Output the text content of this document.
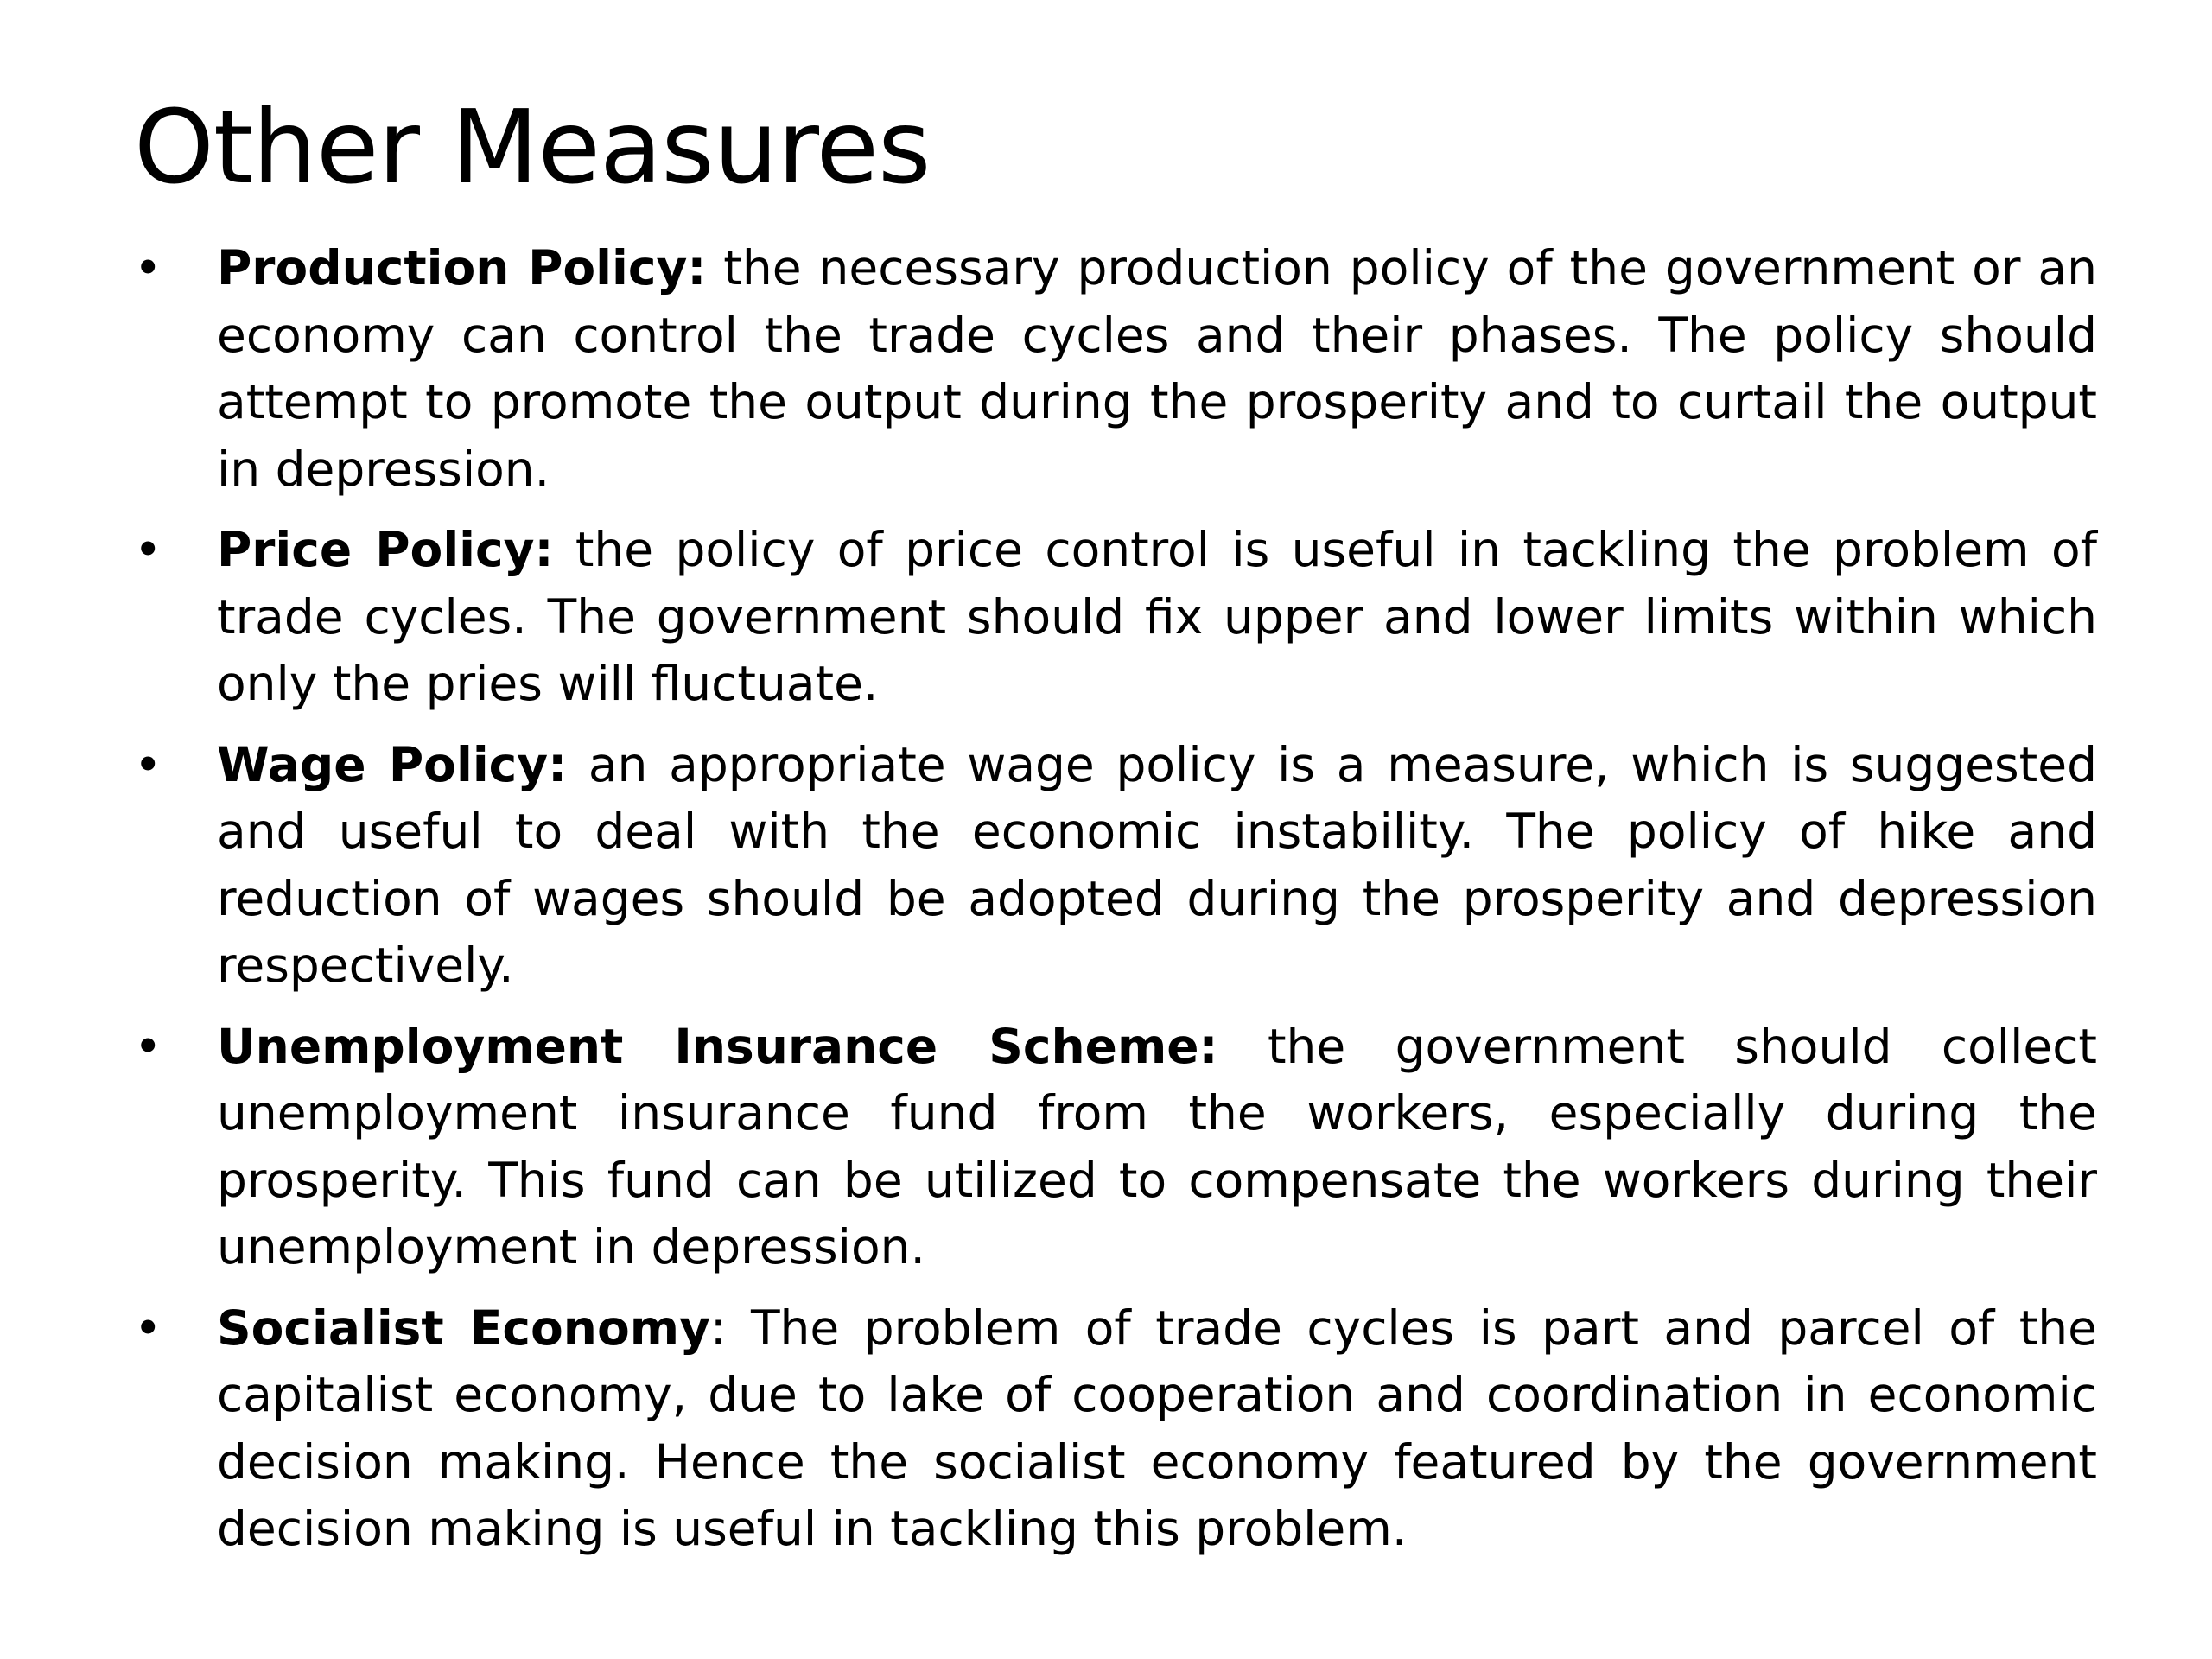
Other Measures
• Production Policy: the necessary production policy of the government or an economy can control the trade cycles and their phases. The policy should attempt to promote the output during the prosperity and to curtail the output in depression.
• Price Policy: the policy of price control is useful in tackling the problem of trade cycles. The government should fix upper and lower limits within which only the pries will fluctuate.
• Wage Policy: an appropriate wage policy is a measure, which is suggested and useful to deal with the economic instability. The policy of hike and reduction of wages should be adopted during the prosperity and depression respectively.
• Unemployment Insurance Scheme: the government should collect unemployment insurance fund from the workers, especially during the prosperity. This fund can be utilized to compensate the workers during their unemployment in depression.
• Socialist Economy: The problem of trade cycles is part and parcel of the capitalist economy, due to lake of cooperation and coordination in economic decision making. Hence the socialist economy featured by the government decision making is useful in tackling this problem.
